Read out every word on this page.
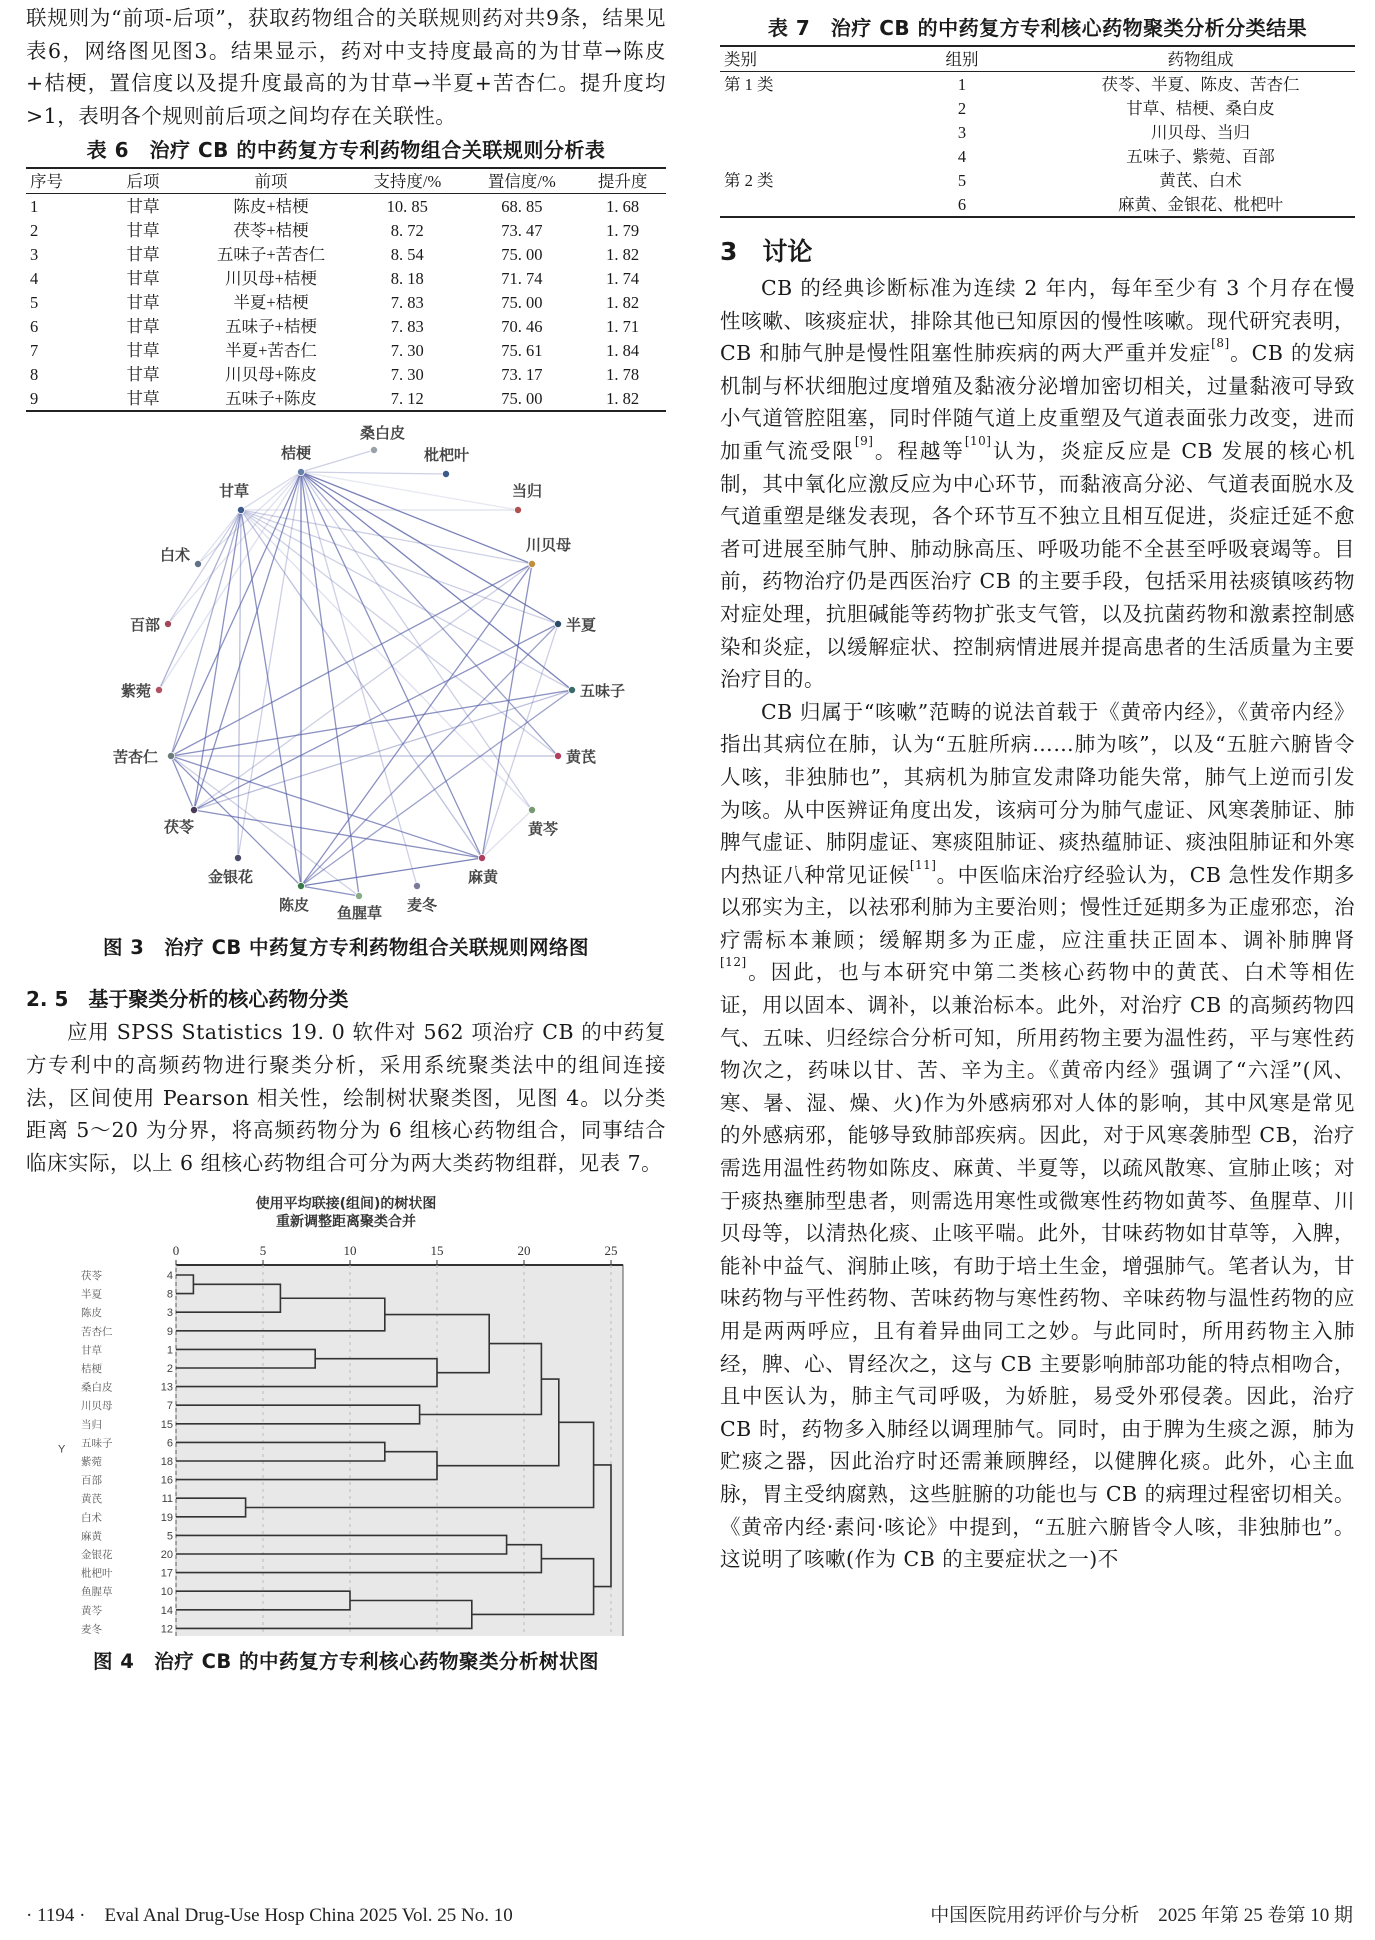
联规则为“前项-后项”，获取药物组合的关联规则药对共9条，结果见表6，网络图见图3。结果显示，药对中支持度最高的为甘草→陈皮+桔梗，置信度以及提升度最高的为甘草→半夏+苦杏仁。提升度均>1，表明各个规则前后项之间均存在关联性。

表 6　治疗 CB 的中药复方专利药物组合关联规则分析表
序号	后项	前项	支持度/%	置信度/%	提升度
1	甘草	陈皮+桔梗	10. 85	68. 85	1. 68
2	甘草	茯苓+桔梗	8. 72	73. 47	1. 79
3	甘草	五味子+苦杏仁	8. 54	75. 00	1. 82
4	甘草	川贝母+桔梗	8. 18	71. 74	1. 74
5	甘草	半夏+桔梗	7. 83	75. 00	1. 82
6	甘草	五味子+桔梗	7. 83	70. 46	1. 71
7	甘草	半夏+苦杏仁	7. 30	75. 61	1. 84
8	甘草	川贝母+陈皮	7. 30	73. 17	1. 78
9	甘草	五味子+陈皮	7. 12	75. 00	1. 82
桔梗
桑白皮
枇杷叶
甘草	当归
川贝母
白术
百部	半夏
紫菀	五味子
苦杏仁	黄芪
茯苓	黄芩
金银花	麻黄
陈皮 鱼腥草 麦冬
图 3　治疗 CB 中药复方专利药物组合关联规则网络图
2. 5　基于聚类分析的核心药物分类

应用 SPSS Statistics 19. 0 软件对 562 项治疗 CB 的中药复方专利中的高频药物进行聚类分析，采用系统聚类法中的组间连接法，区间使用 Pearson 相关性，绘制树状聚类图，见图 4。以分类距离 5～20 为分界，将高频药物分为 6 组核心药物组合，同事结合临床实际，以上 6 组核心药物组合可分为两大类药物组群，见表 7。

使用平均联接(组间)的树状图
重新调整距离聚类合并
0	5	10	15	20	25
茯苓	4
半夏	8
陈皮	3
苦杏仁	9
甘草	1
桔梗	2
桑白皮	13
川贝母	7
当归	15
五味子	6
紫菀	18
百部	16
黄芪	11
白术	19
麻黄	5
金银花	20
枇杷叶	17
鱼腥草	10
黄芩	14
麦冬	12
Y
图 4　治疗 CB 的中药复方专利核心药物聚类分析树状图
表 7　治疗 CB 的中药复方专利核心药物聚类分析分类结果
类别	组别	药物组成
第 1 类	1	茯苓、半夏、陈皮、苦杏仁
	2	甘草、桔梗、桑白皮
	3	川贝母、当归
	4	五味子、紫菀、百部
第 2 类	5	黄芪、白术
	6	麻黄、金银花、枇杷叶
3　讨论

CB 的经典诊断标准为连续 2 年内，每年至少有 3 个月存在慢性咳嗽、咳痰症状，排除其他已知原因的慢性咳嗽。现代研究表明，CB 和肺气肿是慢性阻塞性肺疾病的两大严重并发症[8]。CB 的发病机制与杯状细胞过度增殖及黏液分泌增加密切相关，过量黏液可导致小气道管腔阻塞，同时伴随气道上皮重塑及气道表面张力改变，进而加重气流受限[9]。程越等[10]认为，炎症反应是 CB 发展的核心机制，其中氧化应激反应为中心环节，而黏液高分泌、气道表面脱水及气道重塑是继发表现，各个环节互不独立且相互促进，炎症迁延不愈者可进展至肺气肿、肺动脉高压、呼吸功能不全甚至呼吸衰竭等。目前，药物治疗仍是西医治疗 CB 的主要手段，包括采用祛痰镇咳药物对症处理，抗胆碱能等药物扩张支气管，以及抗菌药物和激素控制感染和炎症，以缓解症状、控制病情进展并提高患者的生活质量为主要治疗目的。

CB 归属于“咳嗽”范畴的说法首载于《黄帝内经》，《黄帝内经》指出其病位在肺，认为“五脏所病……肺为咳”，以及“五脏六腑皆令人咳，非独肺也”，其病机为肺宣发肃降功能失常，肺气上逆而引发为咳。从中医辨证角度出发，该病可分为肺气虚证、风寒袭肺证、肺脾气虚证、肺阴虚证、寒痰阻肺证、痰热蕴肺证、痰浊阻肺证和外寒内热证八种常见证候[11]。中医临床治疗经验认为，CB 急性发作期多以邪实为主，以祛邪利肺为主要治则；慢性迁延期多为正虚邪恋，治疗需标本兼顾；缓解期多为正虚，应注重扶正固本、调补肺脾肾[12]。因此，也与本研究中第二类核心药物中的黄芪、白术等相佐证，用以固本、调补，以兼治标本。此外，对治疗 CB 的高频药物四气、五味、归经综合分析可知，所用药物主要为温性药，平与寒性药物次之，药味以甘、苦、辛为主。《黄帝内经》强调了“六淫”(风、寒、暑、湿、燥、火)作为外感病邪对人体的影响，其中风寒是常见的外感病邪，能够导致肺部疾病。因此，对于风寒袭肺型 CB，治疗需选用温性药物如陈皮、麻黄、半夏等，以疏风散寒、宣肺止咳；对于痰热壅肺型患者，则需选用寒性或微寒性药物如黄芩、鱼腥草、川贝母等，以清热化痰、止咳平喘。此外，甘味药物如甘草等，入脾，能补中益气、润肺止咳，有助于培土生金，增强肺气。笔者认为，甘味药物与平性药物、苦味药物与寒性药物、辛味药物与温性药物的应用是两两呼应，且有着异曲同工之妙。与此同时，所用药物主入肺经，脾、心、胃经次之，这与 CB 主要影响肺部功能的特点相吻合，且中医认为，肺主气司呼吸，为娇脏，易受外邪侵袭。因此，治疗 CB 时，药物多入肺经以调理肺气。同时，由于脾为生痰之源，肺为贮痰之器，因此治疗时还需兼顾脾经，以健脾化痰。此外，心主血脉，胃主受纳腐熟，这些脏腑的功能也与 CB 的病理过程密切相关。《黄帝内经·素问·咳论》中提到，“五脏六腑皆令人咳，非独肺也”。这说明了咳嗽(作为 CB 的主要症状之一)不

· 1194 ·　Eval Anal Drug-Use Hosp China 2025 Vol. 25 No. 10	中国医院用药评价与分析　2025 年第 25 卷第 10 期
